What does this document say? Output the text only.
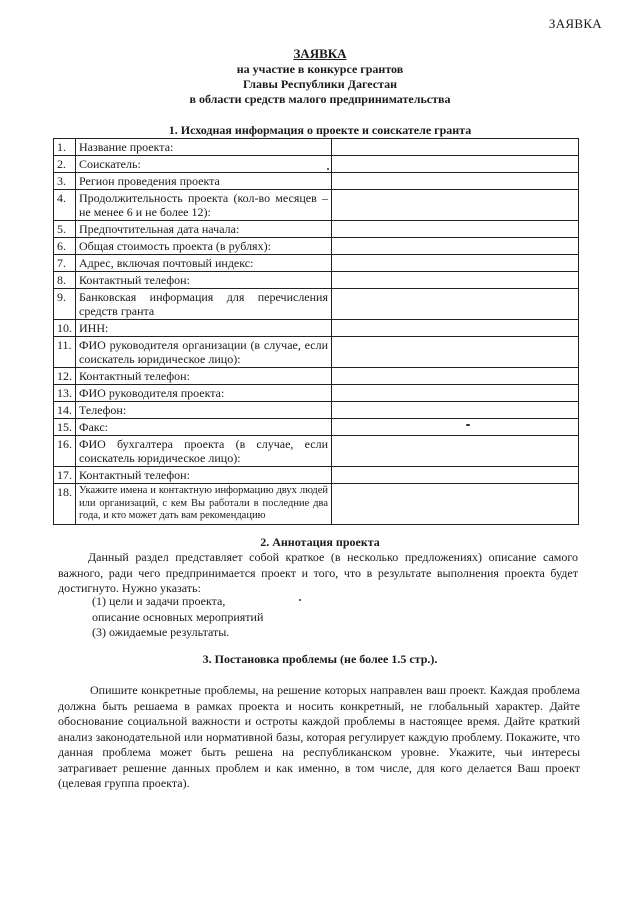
ЗАЯВКА
ЗАЯВКА
на участие в конкурсе грантов
Главы Республики Дагестан
в области средств малого предпринимательства
1. Исходная информация о проекте и соискателе гранта
1.	Название проекта:	
2.	Соискатель:	
3.	Регион проведения проекта	
4.	Продолжительность проекта (кол-во месяцев – не менее 6 и не более 12):	
5.	Предпочтительная дата начала:	
6.	Общая стоимость проекта (в рублях):	
7.	Адрес, включая почтовый индекс:	
8.	Контактный телефон:	
9.	Банковская информация для перечисления средств гранта	
10.	ИНН:	
11.	ФИО руководителя организации (в случае, если соискатель юридическое лицо):	
12.	Контактный телефон:	
13.	ФИО руководителя проекта:	
14.	Телефон:	
15.	Факс:	
16.	ФИО бухгалтера проекта (в случае, если соискатель юридическое лицо):	
17.	Контактный телефон:	
18.	Укажите имена и контактную информацию двух людей или организаций, с кем Вы работали в последние два года, и кто может дать вам рекомендацию	
2. Аннотация проекта
Данный раздел представляет собой краткое (в несколько предложениях) описание самого важного, ради чего предпринимается проект и того, что в результате выполнения проекта будет достигнуто. Нужно указать:
(1) цели и задачи проекта,
описание основных мероприятий
(3) ожидаемые результаты.
3. Постановка проблемы (не более 1.5 стр.).
Опишите конкретные проблемы, на решение которых направлен ваш проект. Каждая проблема должна быть решаема в рамках проекта и носить конкретный, не глобальный характер. Дайте обоснование социальной важности и остроты каждой проблемы в настоящее время. Дайте краткий анализ законодательной или нормативной базы, которая регулирует каждую проблему. Покажите, что данная проблема может быть решена на республиканском уровне. Укажите, чьи интересы затрагивает решение данных проблем и как именно, в том числе, для кого делается Ваш проект (целевая группа проекта).
